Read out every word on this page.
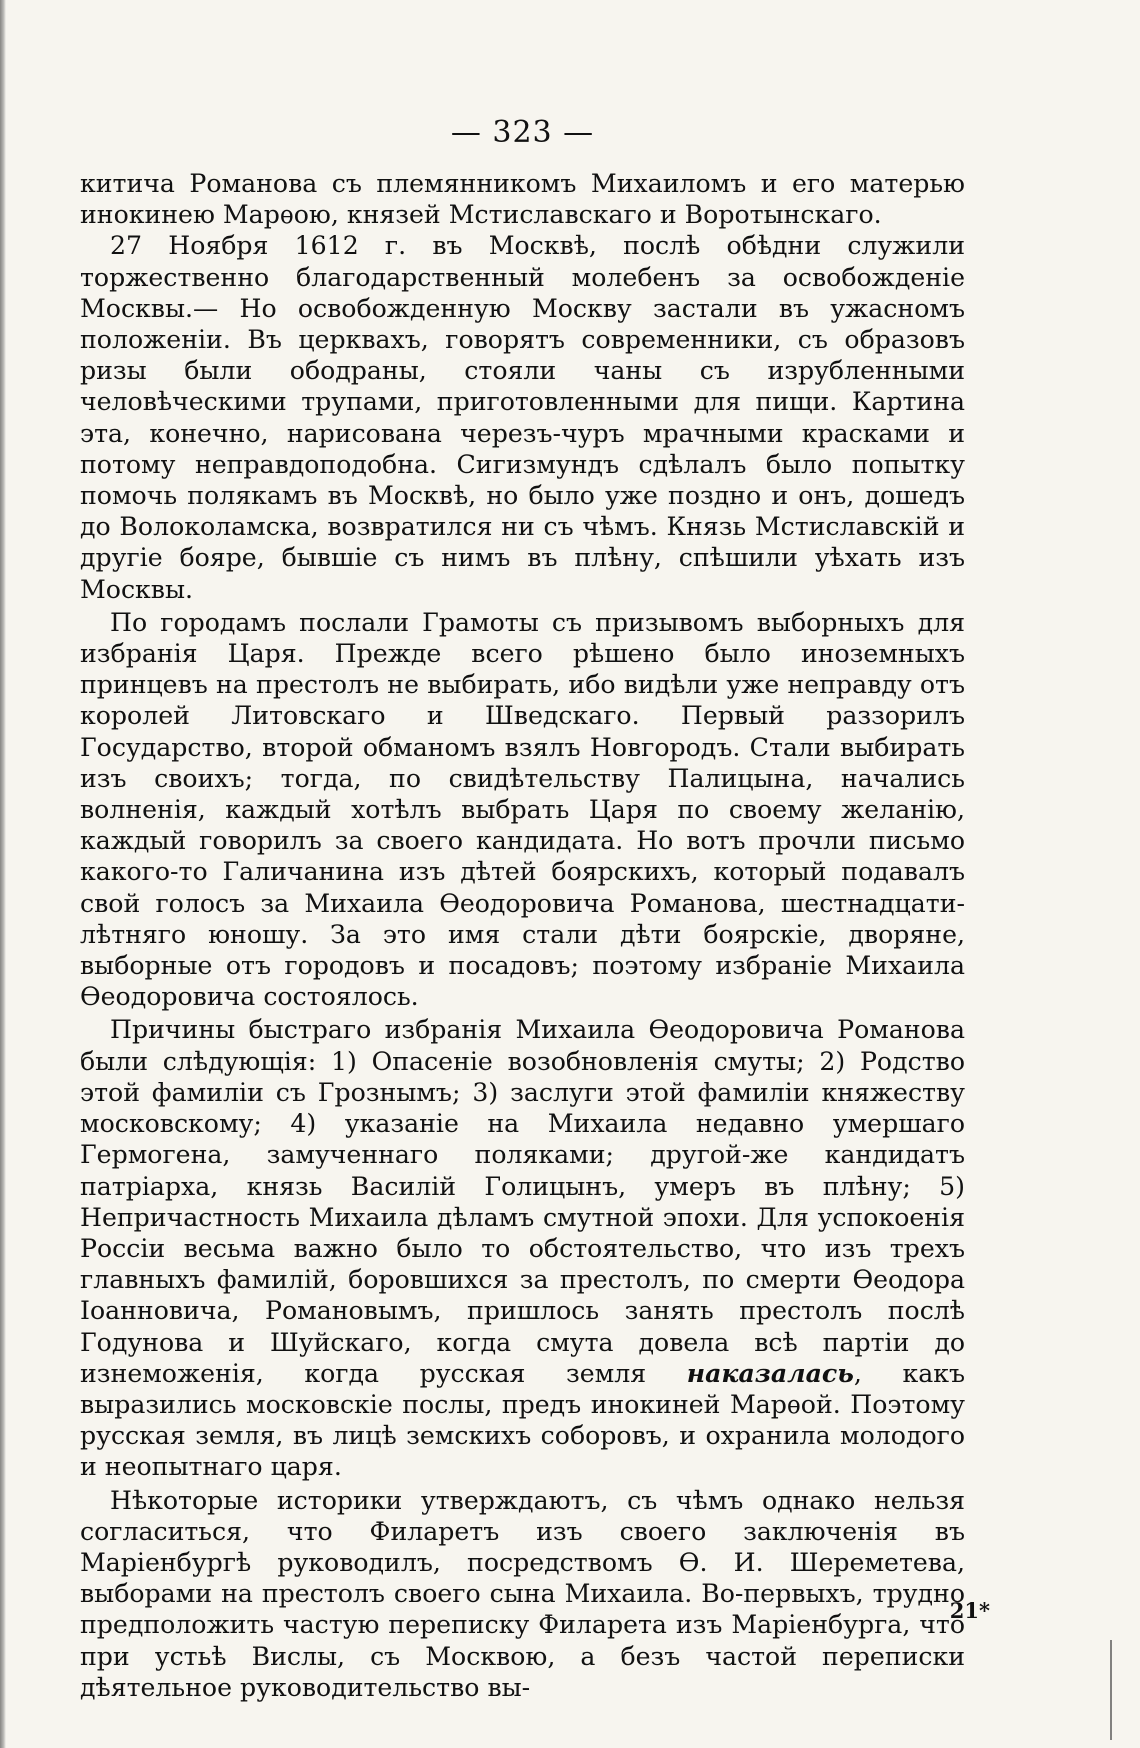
— 323 —

китича Романова съ племянникомъ Михаиломъ и его матерью инокинею Марѳою, князей Мстиславскаго и Воротынскаго.

27 Ноября 1612 г. въ Москвѣ, послѣ обѣдни служили торжественно благодарственный молебенъ за освобожденіе Москвы.— Но освобожденную Москву застали въ ужасномъ положеніи. Въ церквахъ, говорятъ современники, съ образовъ ризы были ободраны, стояли чаны съ изрубленными человѣческими трупами, приготовленными для пищи. Картина эта, конечно, нарисована черезъ-чуръ мрачными красками и потому неправдоподобна. Сигизмундъ сдѣлалъ было попытку помочь полякамъ въ Москвѣ, но было уже поздно и онъ, дошедъ до Волоколамска, возвратился ни съ чѣмъ. Князь Мстиславскій и другіе бояре, бывшіе съ нимъ въ плѣну, спѣшили уѣхать изъ Москвы.

По городамъ послали Грамоты съ призывомъ выборныхъ для избранія Царя. Прежде всего рѣшено было иноземныхъ принцевъ на престолъ не выбирать, ибо видѣли уже неправду отъ королей Литовскаго и Шведскаго. Первый раззорилъ Государство, второй обманомъ взялъ Новгородъ. Стали выбирать изъ своихъ; тогда, по свидѣтельству Палицына, начались волненія, каждый хотѣлъ выбрать Царя по своему желанію, каждый говорилъ за своего кандидата. Но вотъ прочли письмо какого-то Галичанина изъ дѣтей боярскихъ, который подавалъ свой голосъ за Михаила Ѳеодоровича Романова, шестнадцати-лѣтняго юношу. За это имя стали дѣти боярскіе, дворяне, выборные отъ городовъ и посадовъ; поэтому избраніе Михаила Ѳеодоровича состоялось.

Причины быстраго избранія Михаила Ѳеодоровича Романова были слѣдующія: 1) Опасеніе возобновленія смуты; 2) Родство этой фамиліи съ Грознымъ; 3) заслуги этой фамиліи княжеству московскому; 4) указаніе на Михаила недавно умершаго Гермогена, замученнаго поляками; другой-же кандидатъ патріарха, князь Василій Голицынъ, умеръ въ плѣну; 5) Непричастность Михаила дѣламъ смутной эпохи. Для успокоенія Россіи весьма важно было то обстоятельство, что изъ трехъ главныхъ фамилій, боровшихся за престолъ, по смерти Ѳеодора Іоанновича, Романовымъ, пришлось занять престолъ послѣ Годунова и Шуйскаго, когда смута довела всѣ партіи до изнеможенія, когда русская земля наказалась, какъ выразились московскіе послы, предъ инокиней Марѳой. Поэтому русская земля, въ лицѣ земскихъ соборовъ, и охранила молодого и неопытнаго царя.

Нѣкоторые историки утверждаютъ, съ чѣмъ однако нельзя согласиться, что Филаретъ изъ своего заключенія въ Маріенбургѣ руководилъ, посредствомъ Ѳ. И. Шереметева, выборами на престолъ своего сына Михаила. Во-первыхъ, трудно предположить частую переписку Филарета изъ Маріенбурга, что при устьѣ Вислы, съ Москвою, а безъ частой переписки дѣятельное руководительство вы-

21*
